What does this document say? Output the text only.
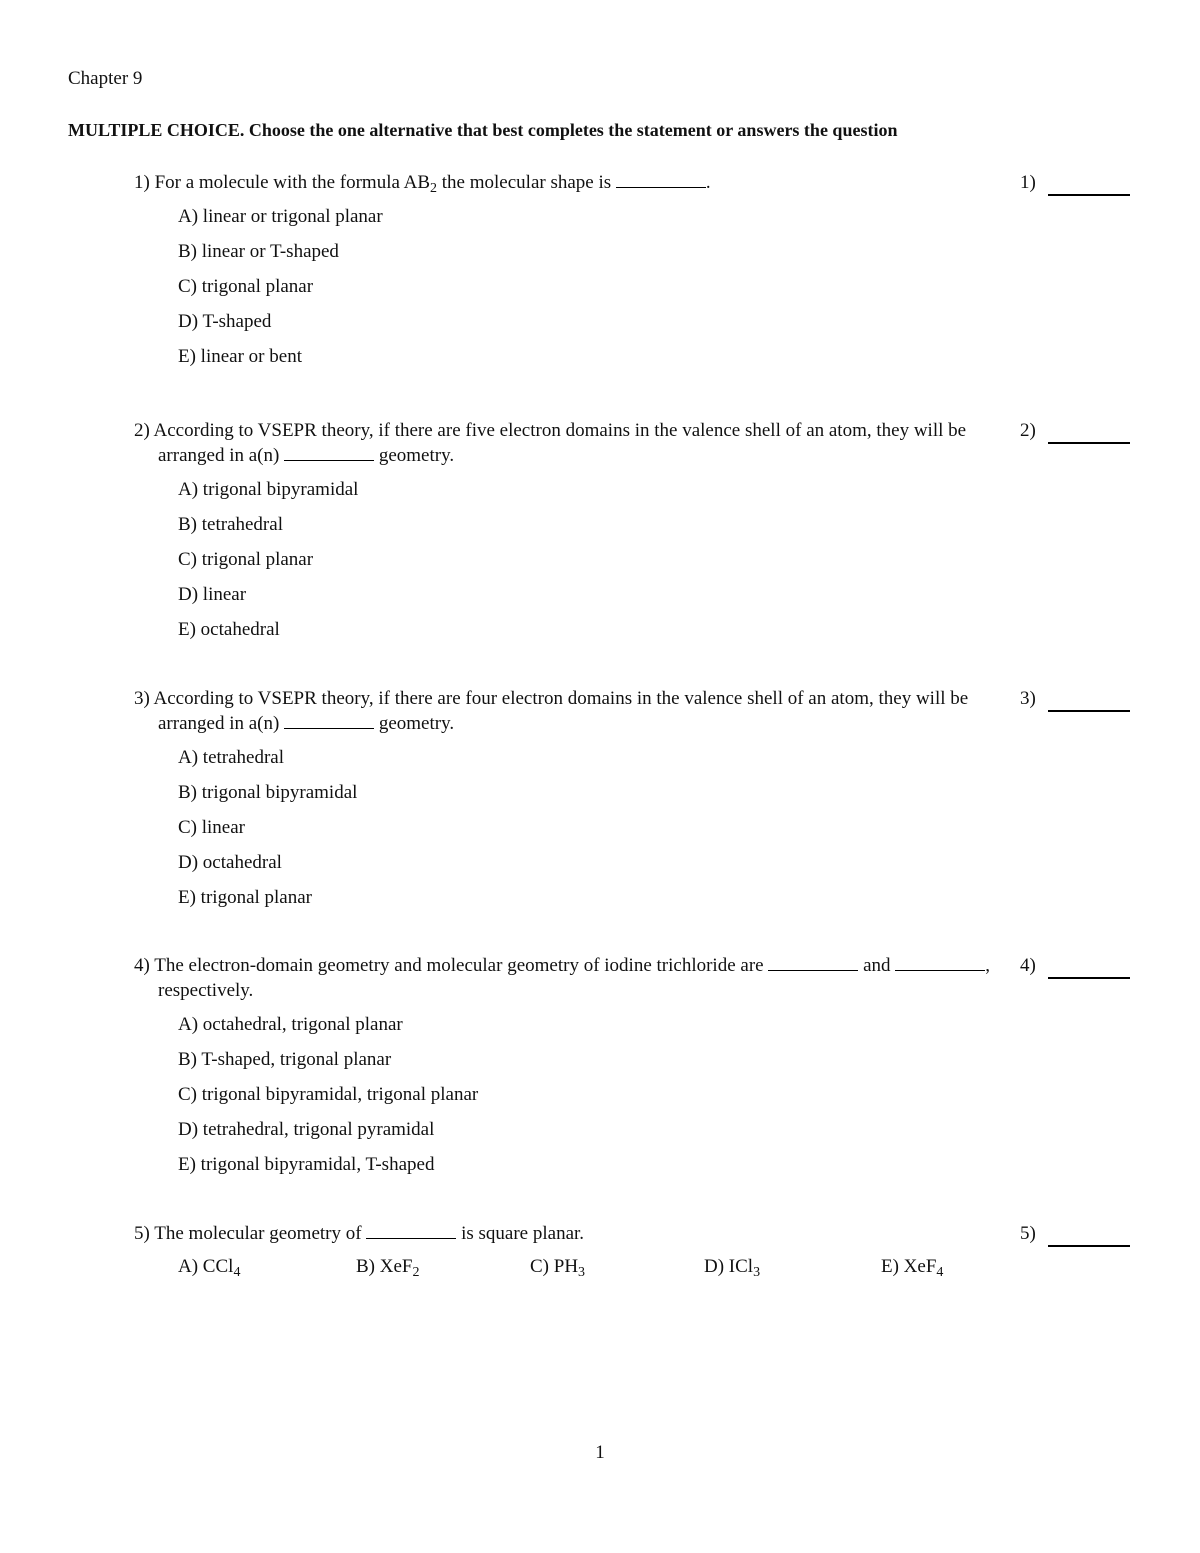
Chapter 9
MULTIPLE CHOICE. Choose the one alternative that best completes the statement or answers the question
1) For a molecule with the formula $AB_2$ the molecular shape is	.	1)
A) linear or trigonal planar
B) linear or T-shaped
C) trigonal planar
D) T-shaped
E) linear or bent
2) According to VSEPR theory, if there are five electron domains in the valence shell of an atom, they will be arranged in a(n)	geometry.
2)
A) trigonal bipyramidal
B) tetrahedral
C) trigonal planar
D) linear
E) octahedral
3) According to VSEPR theory, if there are four electron domains in the valence shell of an atom, they will be arranged in a(n)	geometry.
3)
A) tetrahedral
B) trigonal bipyramidal
C) linear
D) octahedral
E) trigonal planar
4) The electron-domain geometry and molecular geometry of iodine trichloride are	and	, respectively.
4)
A) octahedral, trigonal planar
B) T-shaped, trigonal planar
C) trigonal bipyramidal, trigonal planar
D) tetrahedral, trigonal pyramidal
E) trigonal bipyramidal, T-shaped
5) The molecular geometry of	is square planar.	5)
A) CCl$_4$	B) XeF$_2$	C) $PH_3$	D) ICl$_3$	E) XeF$_4$
1
